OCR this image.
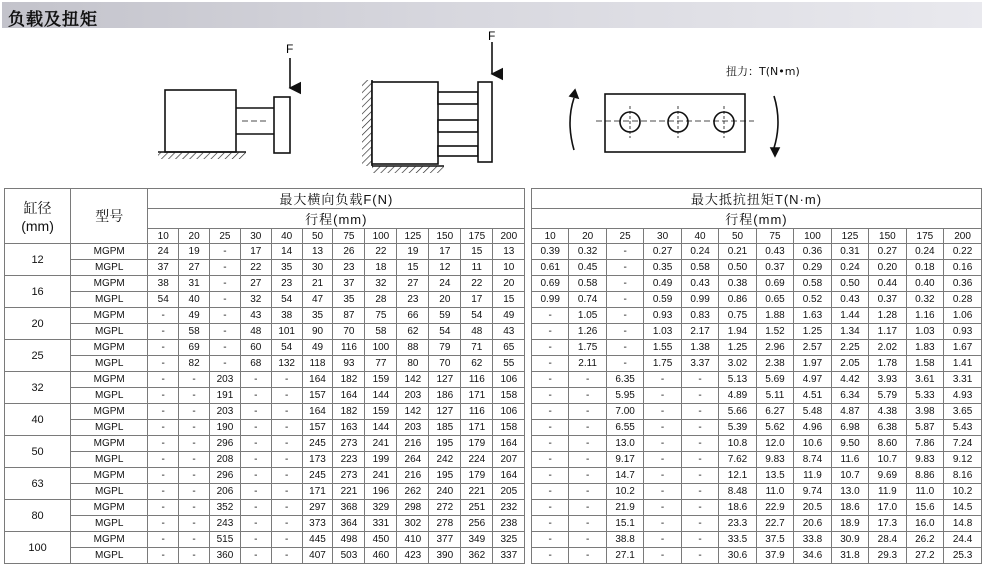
负载及扭矩
F
F
扭力：T(N•m)
缸径
(mm)	型号	最大横向负载F(N)													最大抵抗扭矩T(N·m)											
		行程(mm)													行程(mm)											
		10	20	25	30	40	50	75	100	125	150	175	200		10	20	25	30	40	50	75	100	125	150	175	200
12	MGPM	24	19	-	17	14	13	26	22	19	17	15	13		0.39	0.32	-	0.27	0.24	0.21	0.43	0.36	0.31	0.27	0.24	0.22
	MGPL	37	27	-	22	35	30	23	18	15	12	11	10		0.61	0.45	-	0.35	0.58	0.50	0.37	0.29	0.24	0.20	0.18	0.16
16	MGPM	38	31	-	27	23	21	37	32	27	24	22	20		0.69	0.58	-	0.49	0.43	0.38	0.69	0.58	0.50	0.44	0.40	0.36
	MGPL	54	40	-	32	54	47	35	28	23	20	17	15		0.99	0.74	-	0.59	0.99	0.86	0.65	0.52	0.43	0.37	0.32	0.28
20	MGPM	-	49	-	43	38	35	87	75	66	59	54	49		-	1.05	-	0.93	0.83	0.75	1.88	1.63	1.44	1.28	1.16	1.06
	MGPL	-	58	-	48	101	90	70	58	62	54	48	43		-	1.26	-	1.03	2.17	1.94	1.52	1.25	1.34	1.17	1.03	0.93
25	MGPM	-	69	-	60	54	49	116	100	88	79	71	65		-	1.75	-	1.55	1.38	1.25	2.96	2.57	2.25	2.02	1.83	1.67
	MGPL	-	82	-	68	132	118	93	77	80	70	62	55		-	2.11	-	1.75	3.37	3.02	2.38	1.97	2.05	1.78	1.58	1.41
32	MGPM	-	-	203	-	-	164	182	159	142	127	116	106		-	-	6.35	-	-	5.13	5.69	4.97	4.42	3.93	3.61	3.31
	MGPL	-	-	191	-	-	157	164	144	203	186	171	158		-	-	5.95	-	-	4.89	5.11	4.51	6.34	5.79	5.33	4.93
40	MGPM	-	-	203	-	-	164	182	159	142	127	116	106		-	-	7.00	-	-	5.66	6.27	5.48	4.87	4.38	3.98	3.65
	MGPL	-	-	190	-	-	157	163	144	203	185	171	158		-	-	6.55	-	-	5.39	5.62	4.96	6.98	6.38	5.87	5.43
50	MGPM	-	-	296	-	-	245	273	241	216	195	179	164		-	-	13.0	-	-	10.8	12.0	10.6	9.50	8.60	7.86	7.24
	MGPL	-	-	208	-	-	173	223	199	264	242	224	207		-	-	9.17	-	-	7.62	9.83	8.74	11.6	10.7	9.83	9.12
63	MGPM	-	-	296	-	-	245	273	241	216	195	179	164		-	-	14.7	-	-	12.1	13.5	11.9	10.7	9.69	8.86	8.16
	MGPL	-	-	206	-	-	171	221	196	262	240	221	205		-	-	10.2	-	-	8.48	11.0	9.74	13.0	11.9	11.0	10.2
80	MGPM	-	-	352	-	-	297	368	329	298	272	251	232		-	-	21.9	-	-	18.6	22.9	20.5	18.6	17.0	15.6	14.5
	MGPL	-	-	243	-	-	373	364	331	302	278	256	238		-	-	15.1	-	-	23.3	22.7	20.6	18.9	17.3	16.0	14.8
100	MGPM	-	-	515	-	-	445	498	450	410	377	349	325		-	-	38.8	-	-	33.5	37.5	33.8	30.9	28.4	26.2	24.4
	MGPL	-	-	360	-	-	407	503	460	423	390	362	337		-	-	27.1	-	-	30.6	37.9	34.6	31.8	29.3	27.2	25.3
